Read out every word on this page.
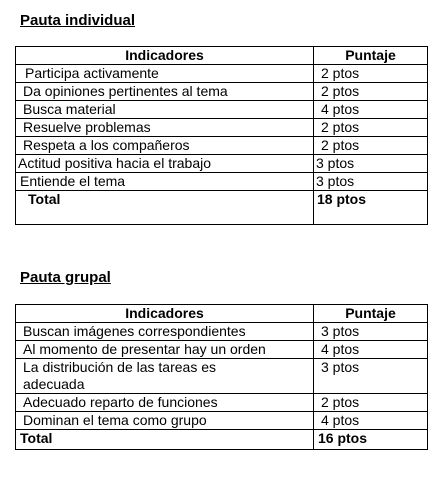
Pauta individual
Indicadores	Puntaje
Participa activamente	2 ptos
Da opiniones pertinentes al tema	2 ptos
Busca material	4 ptos
Resuelve problemas	2 ptos
Respeta a los compañeros	2 ptos
Actitud positiva hacia el trabajo	3 ptos
Entiende el tema	3 ptos
Total	18 ptos
Pauta grupal
Indicadores	Puntaje
Buscan imágenes correspondientes	3 ptos
Al momento de presentar hay un orden	4 ptos
La distribución de las tareas es adecuada	3 ptos
Adecuado reparto de funciones	2 ptos
Dominan el tema como grupo	4 ptos
Total	16 ptos
